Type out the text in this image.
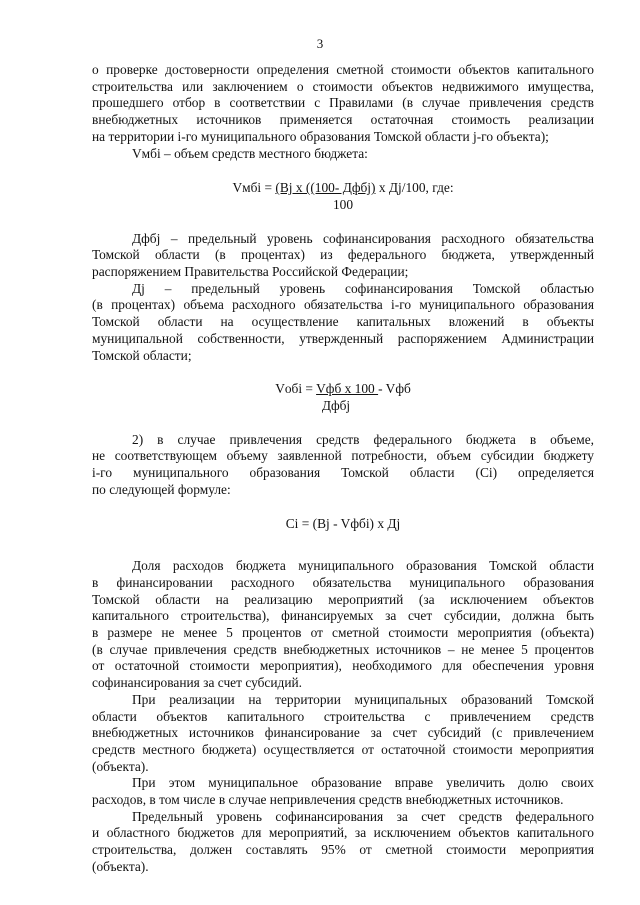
3

о проверке достоверности определения сметной стоимости объектов капитального

строительства или заключением о стоимости объектов недвижимого имущества,

прошедшего отбор в соответствии с Правилами (в случае привлечения средств

внебюджетных источников применяется остаточная стоимость реализации

на территории i-го муниципального образования Томской области j-го объекта);

Vмбi – объем средств местного бюджета:

Vмбi = (Bj x ((100- Дфбj) x Дj/100, где:

100

Дфбj – предельный уровень софинансирования расходного обязательства

Томской области (в процентах) из федерального бюджета, утвержденный

распоряжением Правительства Российской Федерации;

Дj – предельный уровень софинансирования Томской областью

(в процентах) объема расходного обязательства i-го муниципального образования

Томской области на осуществление капитальных вложений в объекты

муниципальной собственности, утвержденный распоряжением Администрации

Томской области;

Vобi = Vфб x 100 - Vфб

Дфбj

2) в случае привлечения средств федерального бюджета в объеме,

не соответствующем объему заявленной потребности, объем субсидии бюджету

i-го муниципального образования Томской области (Ci) определяется

по следующей формуле:

Ci = (Bj - Vфбi) x Дj

Доля расходов бюджета муниципального образования Томской области

в финансировании расходного обязательства муниципального образования

Томской области на реализацию мероприятий (за исключением объектов

капитального строительства), финансируемых за счет субсидии, должна быть

в размере не менее 5 процентов от сметной стоимости мероприятия (объекта)

(в случае привлечения средств внебюджетных источников – не менее 5 процентов

от остаточной стоимости мероприятия), необходимого для обеспечения уровня

софинансирования за счет субсидий.

При реализации на территории муниципальных образований Томской

области объектов капитального строительства с привлечением средств

внебюджетных источников финансирование за счет субсидий (с привлечением

средств местного бюджета) осуществляется от остаточной стоимости мероприятия

(объекта).

При этом муниципальное образование вправе увеличить долю своих

расходов, в том числе в случае непривлечения средств внебюджетных источников.

Предельный уровень софинансирования за счет средств федерального

и областного бюджетов для мероприятий, за исключением объектов капитального

строительства, должен составлять 95% от сметной стоимости мероприятия

(объекта).
